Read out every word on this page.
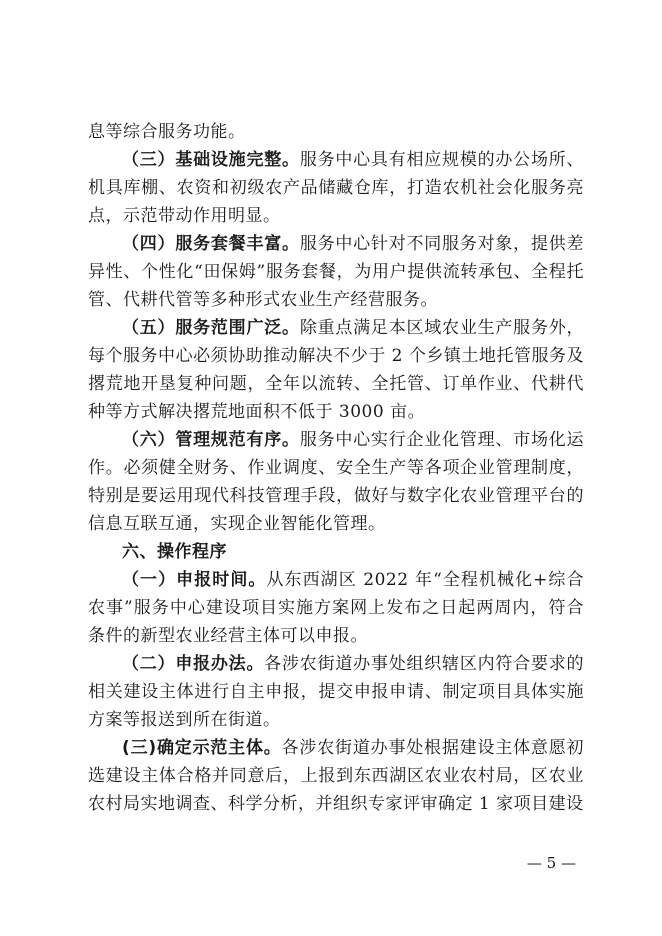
息等综合服务功能。

（三）基础设施完整。服务中心具有相应规模的办公场所、机具库棚、农资和初级农产品储藏仓库，打造农机社会化服务亮点，示范带动作用明显。

（四）服务套餐丰富。服务中心针对不同服务对象，提供差异性、个性化“田保姆”服务套餐，为用户提供流转承包、全程托管、代耕代管等多种形式农业生产经营服务。

（五）服务范围广泛。除重点满足本区域农业生产服务外，每个服务中心必须协助推动解决不少于 2 个乡镇土地托管服务及撂荒地开垦复种问题，全年以流转、全托管、订单作业、代耕代种等方式解决撂荒地面积不低于 3000 亩。

（六）管理规范有序。服务中心实行企业化管理、市场化运作。必须健全财务、作业调度、安全生产等各项企业管理制度，特别是要运用现代科技管理手段，做好与数字化农业管理平台的信息互联互通，实现企业智能化管理。

六、操作程序

（一）申报时间。从东西湖区 2022 年“全程机械化+综合农事”服务中心建设项目实施方案网上发布之日起两周内，符合条件的新型农业经营主体可以申报。

（二）申报办法。各涉农街道办事处组织辖区内符合要求的相关建设主体进行自主申报，提交申报申请、制定项目具体实施方案等报送到所在街道。

(三)确定示范主体。各涉农街道办事处根据建设主体意愿初选建设主体合格并同意后，上报到东西湖区农业农村局，区农业农村局实地调查、科学分析，并组织专家评审确定 1 家项目建设

— 5 —
